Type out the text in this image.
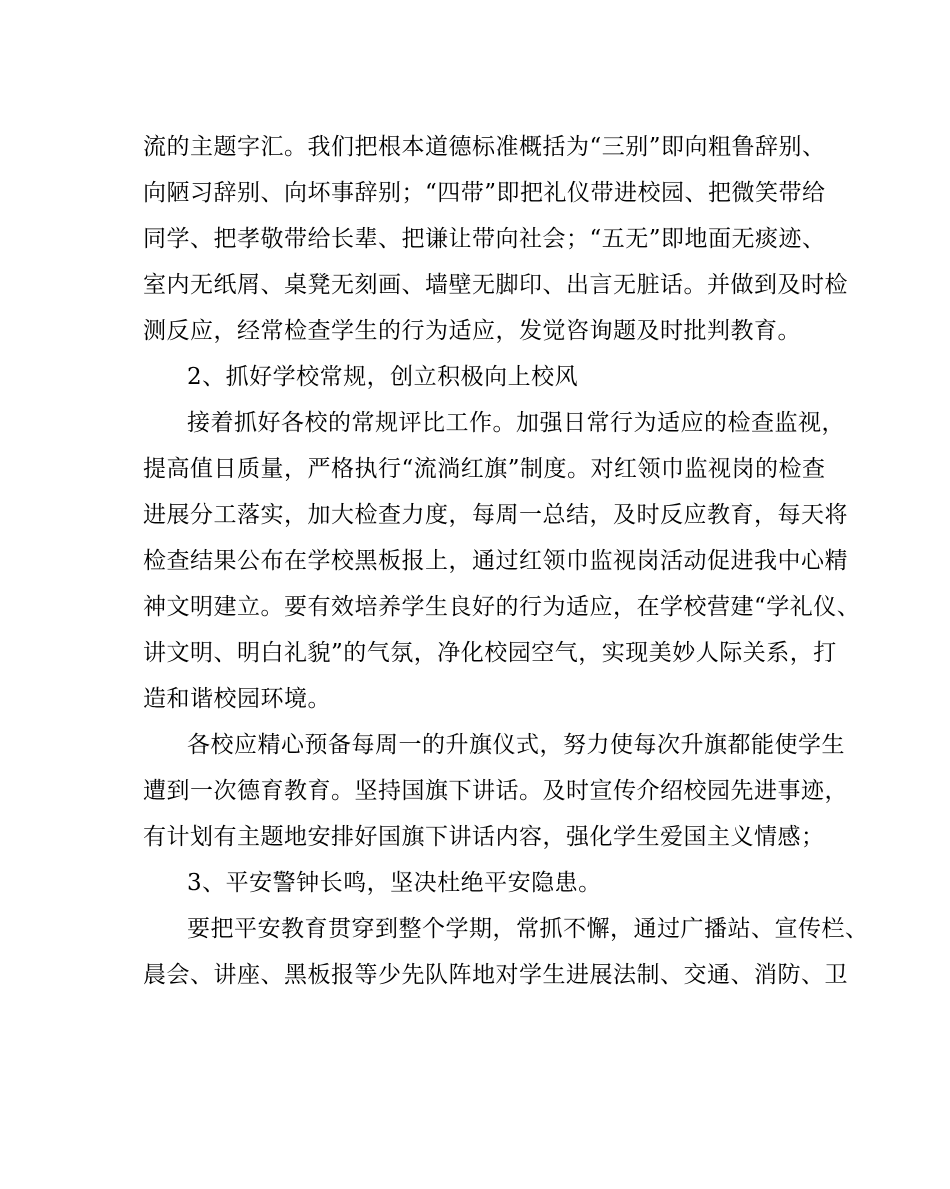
流的主题字汇。我们把根本道德标准概括为“三别”即向粗鲁辞别、
向陋习辞别、向坏事辞别；“四带”即把礼仪带进校园、把微笑带给
同学、把孝敬带给长辈、把谦让带向社会；“五无”即地面无痰迹、
室内无纸屑、桌凳无刻画、墙壁无脚印、出言无脏话。并做到及时检
测反应，经常检查学生的行为适应，发觉咨询题及时批判教育。
2、抓好学校常规，创立积极向上校风
接着抓好各校的常规评比工作。加强日常行为适应的检查监视，
提高值日质量，严格执行“流淌红旗”制度。对红领巾监视岗的检查
进展分工落实，加大检查力度，每周一总结，及时反应教育，每天将
检查结果公布在学校黑板报上，通过红领巾监视岗活动促进我中心精
神文明建立。要有效培养学生良好的行为适应，在学校营建“学礼仪、
讲文明、明白礼貌”的气氛，净化校园空气，实现美妙人际关系，打
造和谐校园环境。
各校应精心预备每周一的升旗仪式，努力使每次升旗都能使学生
遭到一次德育教育。坚持国旗下讲话。及时宣传介绍校园先进事迹，
有计划有主题地安排好国旗下讲话内容，强化学生爱国主义情感；
3、平安警钟长鸣，坚决杜绝平安隐患。
要把平安教育贯穿到整个学期，常抓不懈，通过广播站、宣传栏、
晨会、讲座、黑板报等少先队阵地对学生进展法制、交通、消防、卫
